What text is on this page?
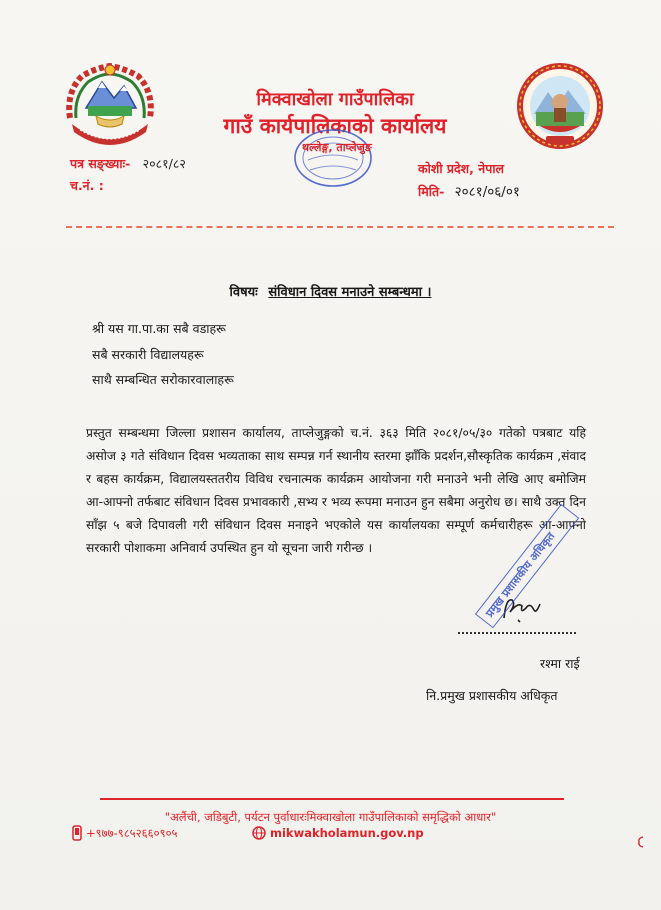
मिक्वाखोला गाउँपालिका
गाउँ कार्यपालिकाको कार्यालय
थल्लेङ्ग, ताप्लेजुङ
पत्र सङ्ख्याः- २०८१/८२
च.नं. :
कोशी प्रदेश, नेपाल
मिति- २०८१/०६/०१
विषयः संविधान दिवस मनाउने सम्बन्धमा ।
श्री यस गा.पा.का सबै वडाहरू
सबै सरकारी विद्यालयहरू
साथै सम्बन्धित सरोकारवालाहरू
प्रस्तुत सम्बन्धमा जिल्ला प्रशासन कार्यालय, ताप्लेजुङ्गको च.नं. ३६३ मिति २०८१/०५/३० गतेको पत्रबाट यहि असोज ३ गते संविधान दिवस भव्यताका साथ सम्पन्न गर्न स्थानीय स्तरमा झाँकि प्रदर्शन,सौस्कृतिक कार्यक्रम ,संवाद र बहस कार्यक्रम, विद्यालयस्ततरीय विविध रचनात्मक कार्यक्रम आयोजना गरी मनाउने भनी लेखि आए बमोजिम आ-आफ्नो तर्फबाट संविधान दिवस प्रभावकारी ,सभ्य र भव्य रूपमा मनाउन हुन सबैमा अनुरोध छ। साथै उक्त दिन साँझ ५ बजे दिपावली गरी संविधान दिवस मनाइने भएकोले यस कार्यालयका सम्पूर्ण कर्मचारीहरू आ-आफ्नो सरकारी पोशाकमा अनिवार्य उपस्थित हुन यो सूचना जारी गरीन्छ ।	प्रमुख प्रशासकीय अधिकृत
रश्मा राई
नि.प्रमुख प्रशासकीय अधिकृत
"अलैंची, जडिबुटी, पर्यटन पुर्वाधारःमिक्वाखोला गाउँपालिकाको समृद्धिको आधार"
+९७७-९८५२६६०९०५	mikwakholamun.gov.np
